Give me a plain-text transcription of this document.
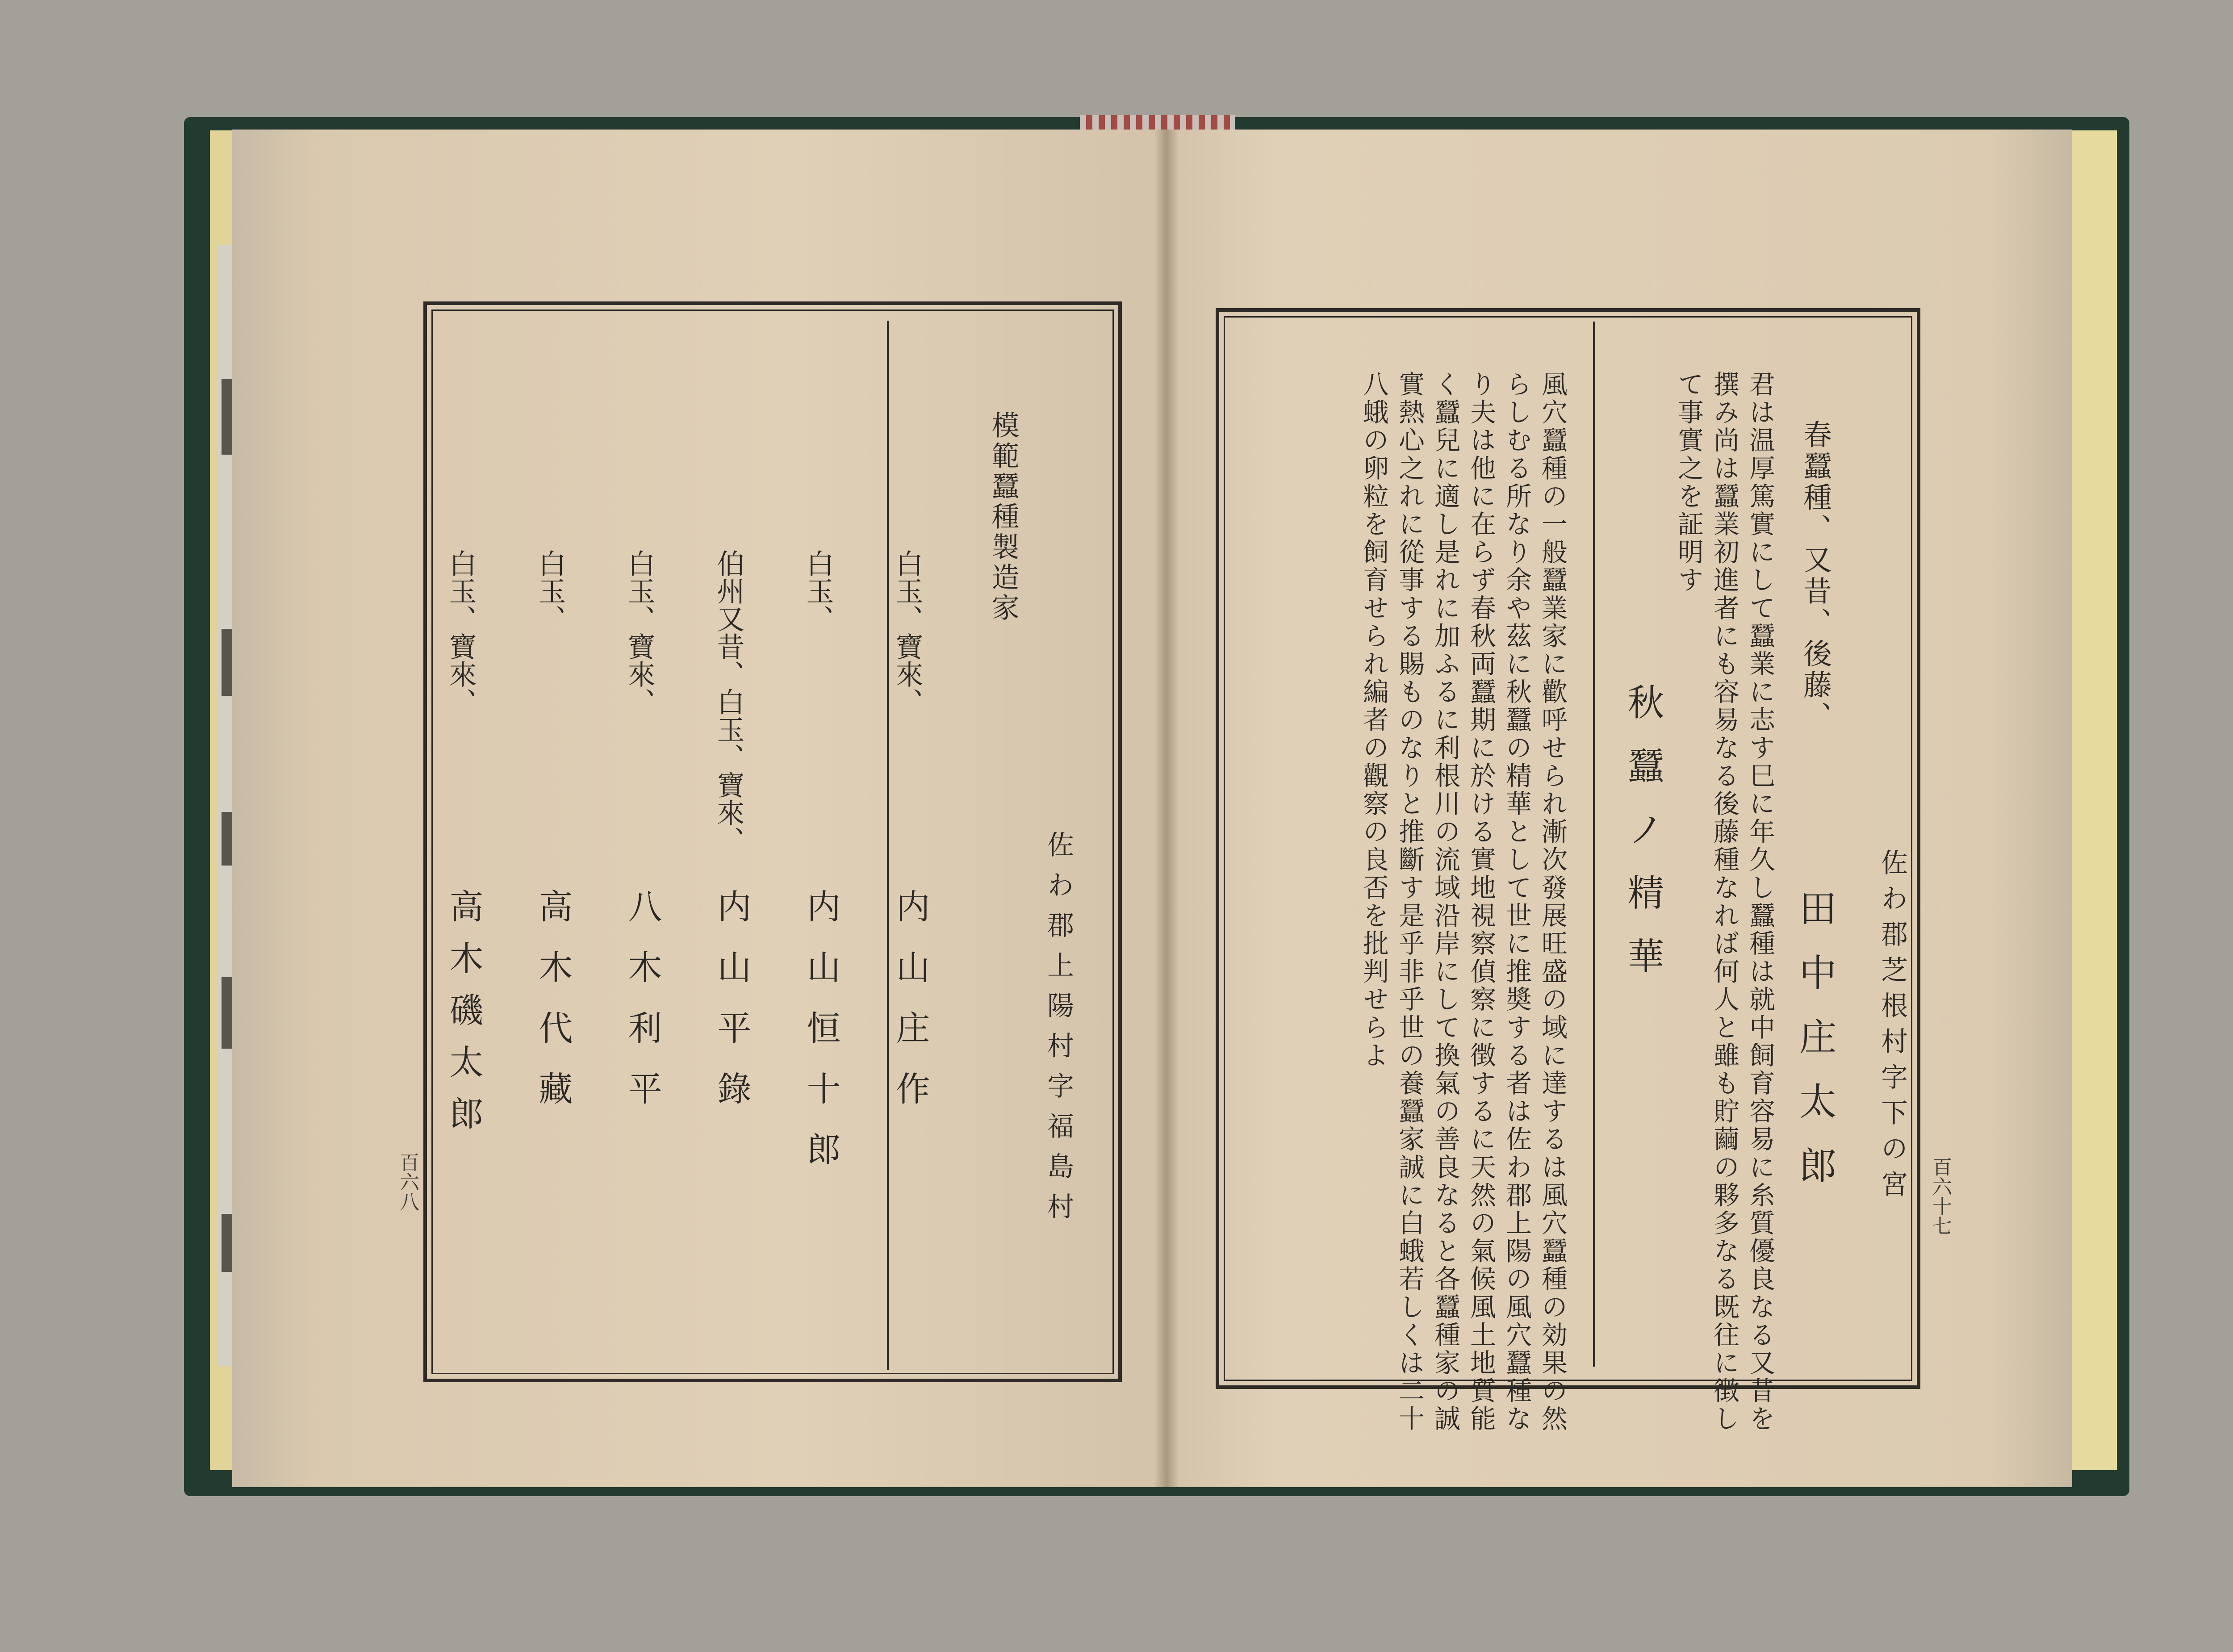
佐わ郡上陽村字福島村
模範蠶種製造家
白玉、寶來、
内山庄作
白玉、
内山恒十郎
伯州又昔、白玉、寶來、
内山平錄
白玉、寶來、
八木利平
白玉、
高木代藏
白玉、寶來、
高木磯太郎
百六八	佐わ郡芝根村字下の宮
田中庄太郎
春蠶種、又昔、後藤、
君は温厚篤實にして蠶業に志す巳に年久し蠶種は就中飼育容易に糸質優良なる又昔を
撰み尚は蠶業初進者にも容易なる後藤種なれば何人と雖も貯繭の夥多なる既往に徴し
て事實之を証明す
秋蠶ノ精華
風穴蠶種の一般蠶業家に歡呼せられ漸次發展旺盛の域に達するは風穴蠶種の効果の然
らしむる所なり余や茲に秋蠶の精華として世に推奬する者は佐わ郡上陽の風穴蠶種な
り夫は他に在らず春秋両蠶期に於ける實地視察偵察に徴するに天然の氣候風土地質能
く蠶兒に適し是れに加ふるに利根川の流域沿岸にして換氣の善良なると各蠶種家の誠
實熱心之れに從事する賜ものなりと推斷す是乎非乎世の養蠶家誠に白蛾若しくは二十
八蛾の卵粒を飼育せられ編者の觀察の良否を批判せらよ
百六十七
